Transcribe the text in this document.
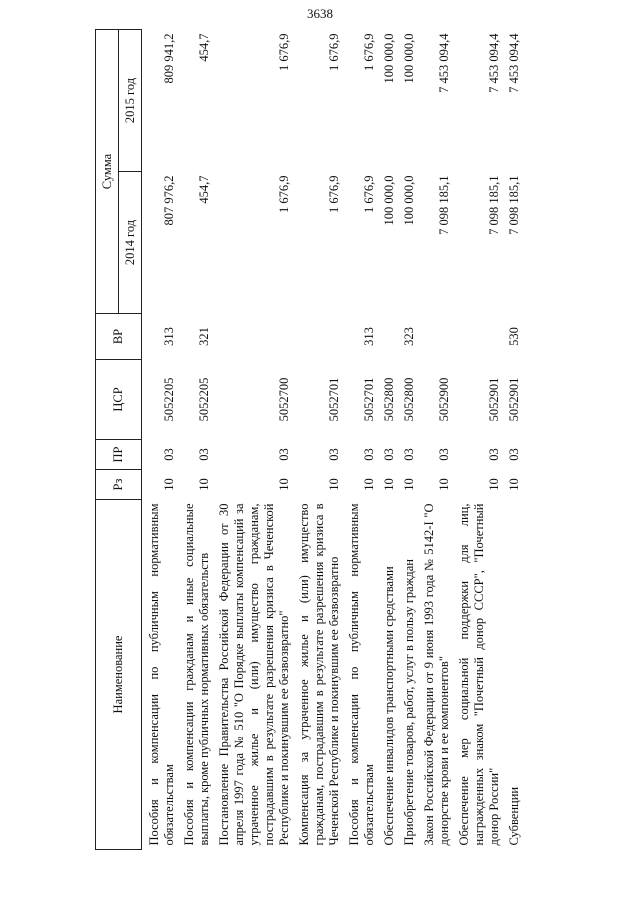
3638
Наименование	Рз	ПР	ЦСР	ВР	Сумма	
					2014 год	2015 год
Пособия и компенсации по публичным нормативным обязательствам	10	03	5052205	313	807 976,2	809 941,2
Пособия и компенсации гражданам и иные социальные выплаты, кроме публичных нормативных обязательств	10	03	5052205	321	454,7	454,7
Постановление Правительства Российской Федерации от 30 апреля 1997 года № 510 "О Порядке выплаты компенсаций за утраченное жилье и (или) имущество гражданам, пострадавшим в результате разрешения кризиса в Чеченской Республике и покинувшим ее безвозвратно"	10	03	5052700		1 676,9	1 676,9
Компенсация за утраченное жилье и (или) имущество гражданам, пострадавшим в результате разрешения кризиса в Чеченской Республике и покинувшим ее безвозвратно	10	03	5052701		1 676,9	1 676,9
Пособия и компенсации по публичным нормативным обязательствам	10	03	5052701	313	1 676,9	1 676,9
Обеспечение инвалидов транспортными средствами	10	03	5052800		100 000,0	100 000,0
Приобретение товаров, работ, услуг в пользу граждан	10	03	5052800	323	100 000,0	100 000,0
Закон Российской Федерации от 9 июня 1993 года № 5142-I "О донорстве крови и ее компонентов"	10	03	5052900		7 098 185,1	7 453 094,4
Обеспечение мер социальной поддержки для лиц, награжденных знаком "Почетный донор СССР", "Почетный донор России"	10	03	5052901		7 098 185,1	7 453 094,4
Субвенции	10	03	5052901	530	7 098 185,1	7 453 094,4
